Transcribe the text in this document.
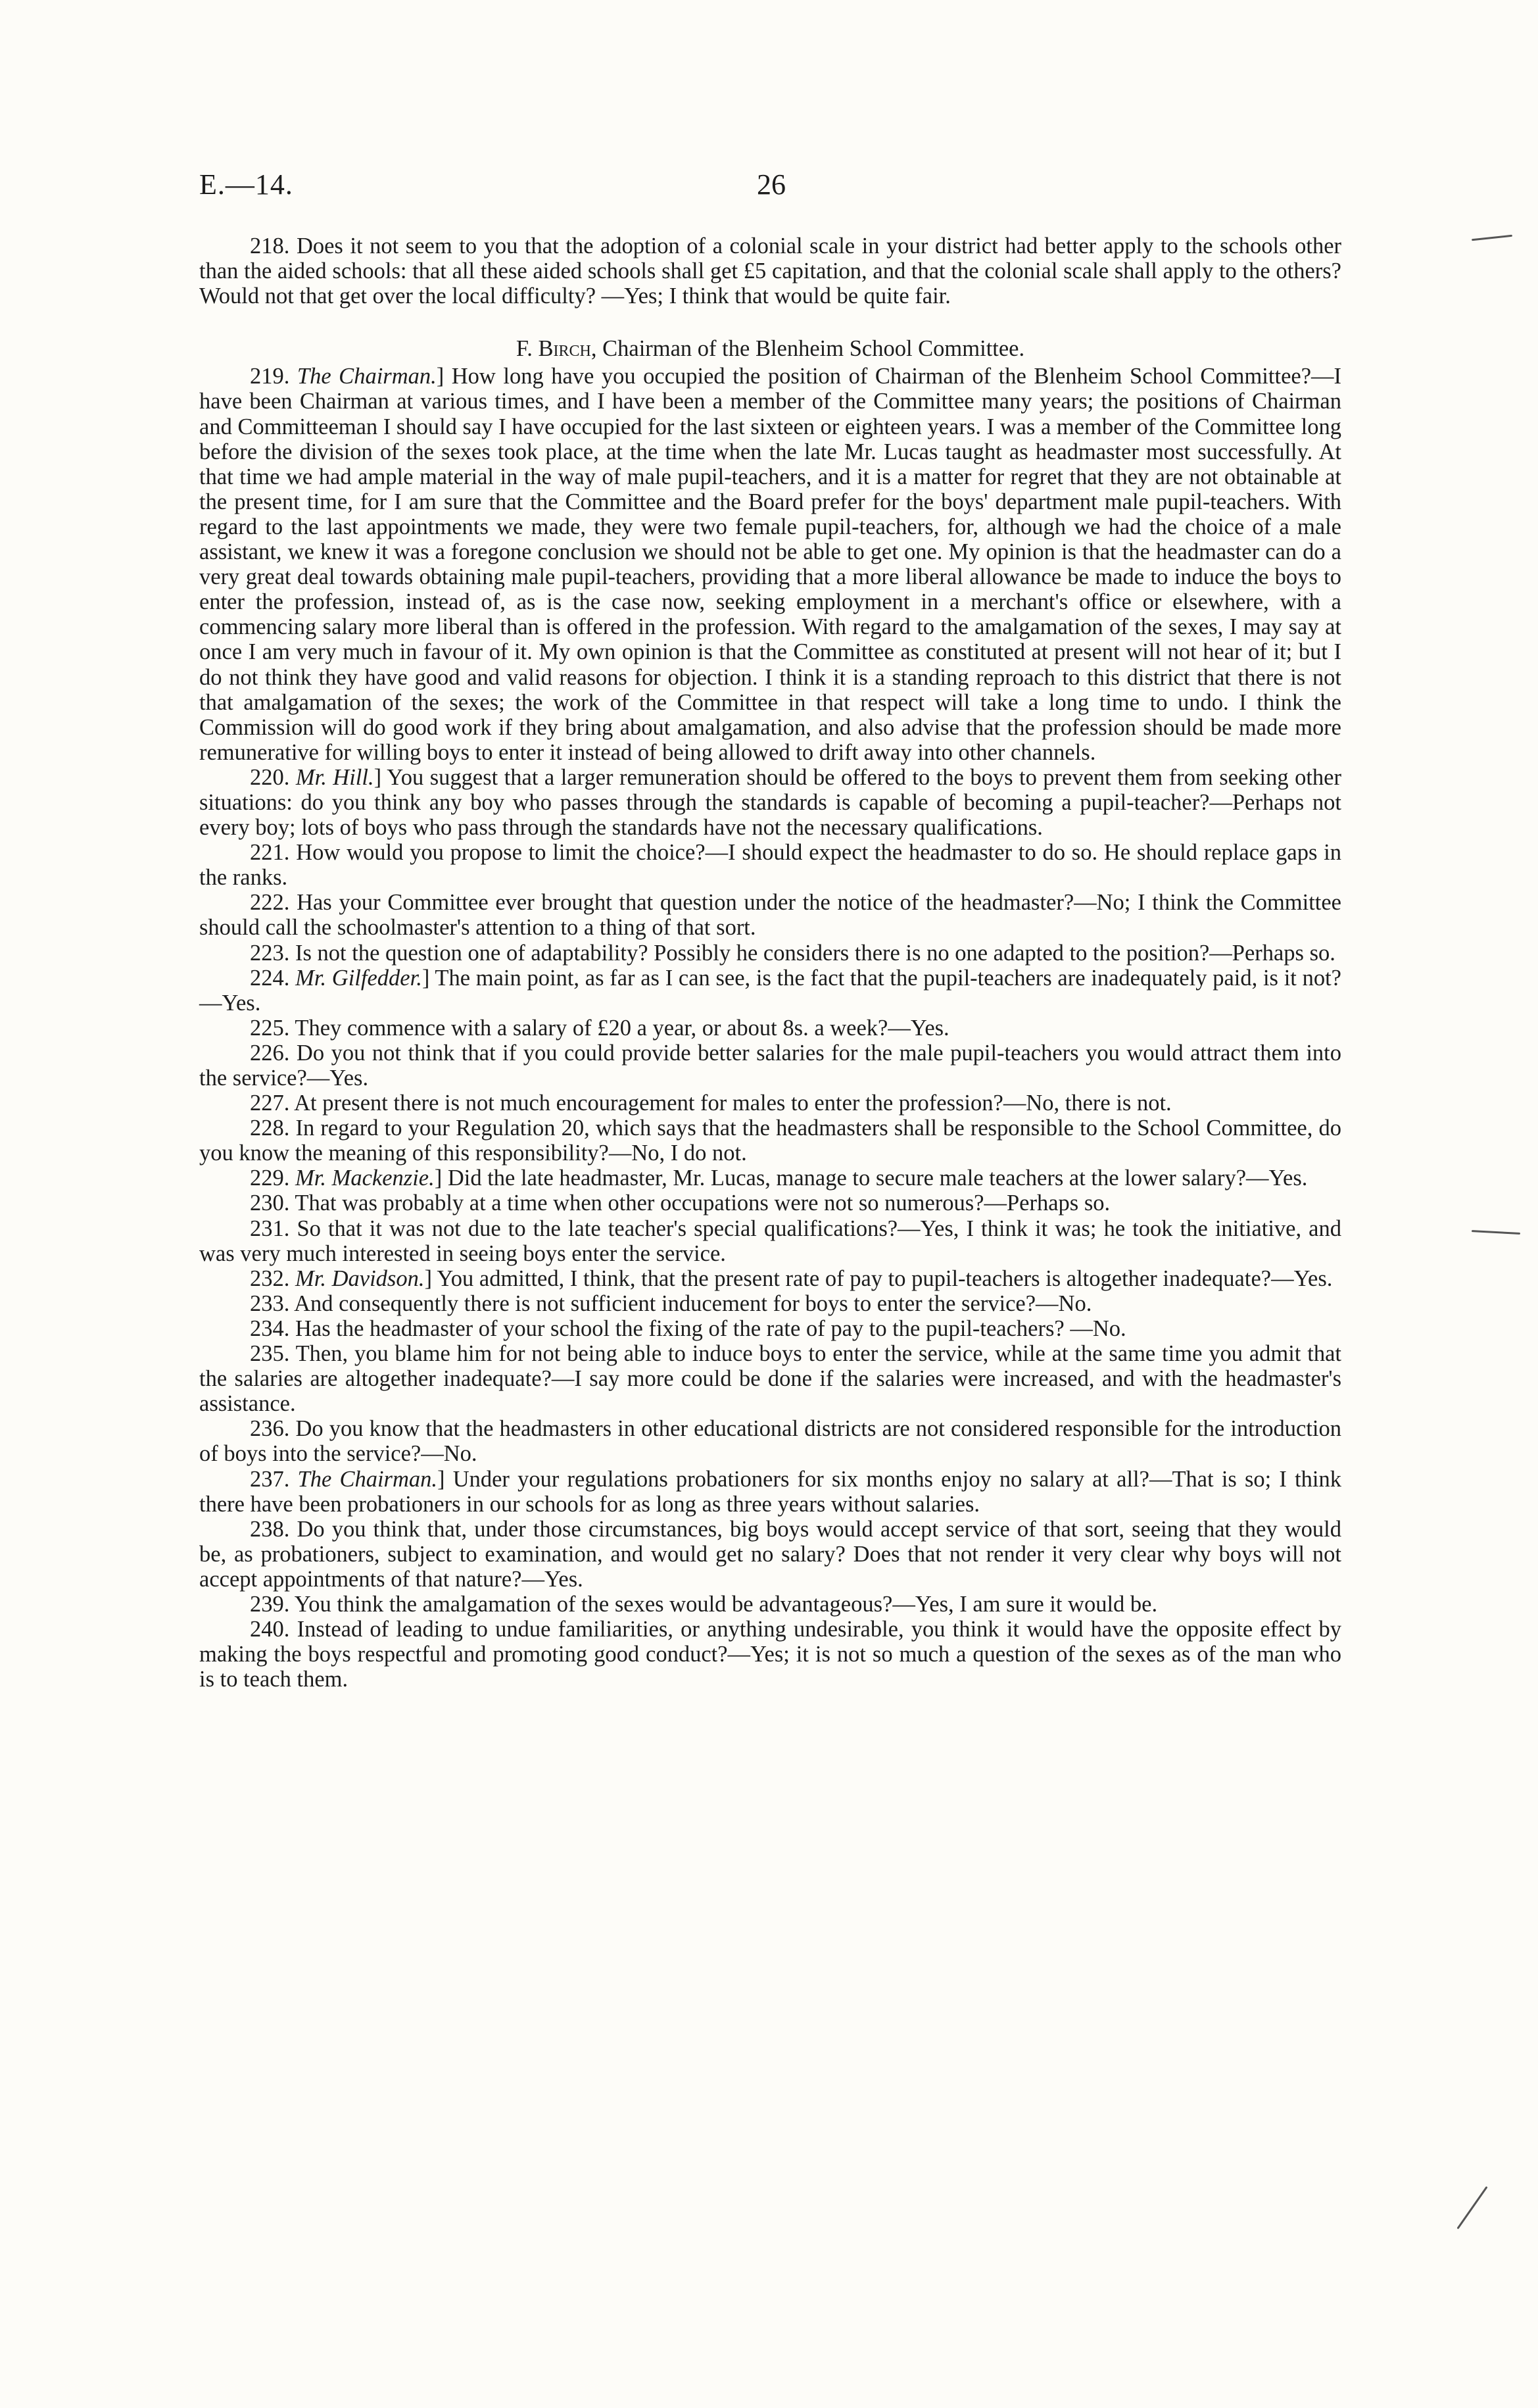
E.—14.	26

218. Does it not seem to you that the adoption of a colonial scale in your district had better apply to the schools other than the aided schools: that all these aided schools shall get £5 capitation, and that the colonial scale shall apply to the others? Would not that get over the local difficulty? —Yes; I think that would be quite fair.

F. Birch, Chairman of the Blenheim School Committee.

219. The Chairman.] How long have you occupied the position of Chairman of the Blenheim School Committee?—I have been Chairman at various times, and I have been a member of the Committee many years; the positions of Chairman and Committeeman I should say I have occupied for the last sixteen or eighteen years. I was a member of the Committee long before the division of the sexes took place, at the time when the late Mr. Lucas taught as headmaster most successfully. At that time we had ample material in the way of male pupil-teachers, and it is a matter for regret that they are not obtainable at the present time, for I am sure that the Committee and the Board prefer for the boys' department male pupil-teachers. With regard to the last appointments we made, they were two female pupil-teachers, for, although we had the choice of a male assistant, we knew it was a foregone conclusion we should not be able to get one. My opinion is that the headmaster can do a very great deal towards obtaining male pupil-teachers, providing that a more liberal allowance be made to induce the boys to enter the profession, instead of, as is the case now, seeking employment in a merchant's office or elsewhere, with a commencing salary more liberal than is offered in the profession. With regard to the amalgamation of the sexes, I may say at once I am very much in favour of it. My own opinion is that the Committee as constituted at present will not hear of it; but I do not think they have good and valid reasons for objection. I think it is a standing reproach to this district that there is not that amalgamation of the sexes; the work of the Committee in that respect will take a long time to undo. I think the Commission will do good work if they bring about amalgamation, and also advise that the profession should be made more remunerative for willing boys to enter it instead of being allowed to drift away into other channels.

220. Mr. Hill.] You suggest that a larger remuneration should be offered to the boys to prevent them from seeking other situations: do you think any boy who passes through the standards is capable of becoming a pupil-teacher?—Perhaps not every boy; lots of boys who pass through the standards have not the necessary qualifications.

221. How would you propose to limit the choice?—I should expect the headmaster to do so. He should replace gaps in the ranks.

222. Has your Committee ever brought that question under the notice of the headmaster?—No; I think the Committee should call the schoolmaster's attention to a thing of that sort.

223. Is not the question one of adaptability? Possibly he considers there is no one adapted to the position?—Perhaps so.

224. Mr. Gilfedder.] The main point, as far as I can see, is the fact that the pupil-teachers are inadequately paid, is it not?—Yes.

225. They commence with a salary of £20 a year, or about 8s. a week?—Yes.

226. Do you not think that if you could provide better salaries for the male pupil-teachers you would attract them into the service?—Yes.

227. At present there is not much encouragement for males to enter the profession?—No, there is not.

228. In regard to your Regulation 20, which says that the headmasters shall be responsible to the School Committee, do you know the meaning of this responsibility?—No, I do not.

229. Mr. Mackenzie.] Did the late headmaster, Mr. Lucas, manage to secure male teachers at the lower salary?—Yes.

230. That was probably at a time when other occupations were not so numerous?—Perhaps so.

231. So that it was not due to the late teacher's special qualifications?—Yes, I think it was; he took the initiative, and was very much interested in seeing boys enter the service.

232. Mr. Davidson.] You admitted, I think, that the present rate of pay to pupil-teachers is altogether inadequate?—Yes.

233. And consequently there is not sufficient inducement for boys to enter the service?—No.

234. Has the headmaster of your school the fixing of the rate of pay to the pupil-teachers? —No.

235. Then, you blame him for not being able to induce boys to enter the service, while at the same time you admit that the salaries are altogether inadequate?—I say more could be done if the salaries were increased, and with the headmaster's assistance.

236. Do you know that the headmasters in other educational districts are not considered responsible for the introduction of boys into the service?—No.

237. The Chairman.] Under your regulations probationers for six months enjoy no salary at all?—That is so; I think there have been probationers in our schools for as long as three years without salaries.

238. Do you think that, under those circumstances, big boys would accept service of that sort, seeing that they would be, as probationers, subject to examination, and would get no salary? Does that not render it very clear why boys will not accept appointments of that nature?—Yes.

239. You think the amalgamation of the sexes would be advantageous?—Yes, I am sure it would be.

240. Instead of leading to undue familiarities, or anything undesirable, you think it would have the opposite effect by making the boys respectful and promoting good conduct?—Yes; it is not so much a question of the sexes as of the man who is to teach them.
